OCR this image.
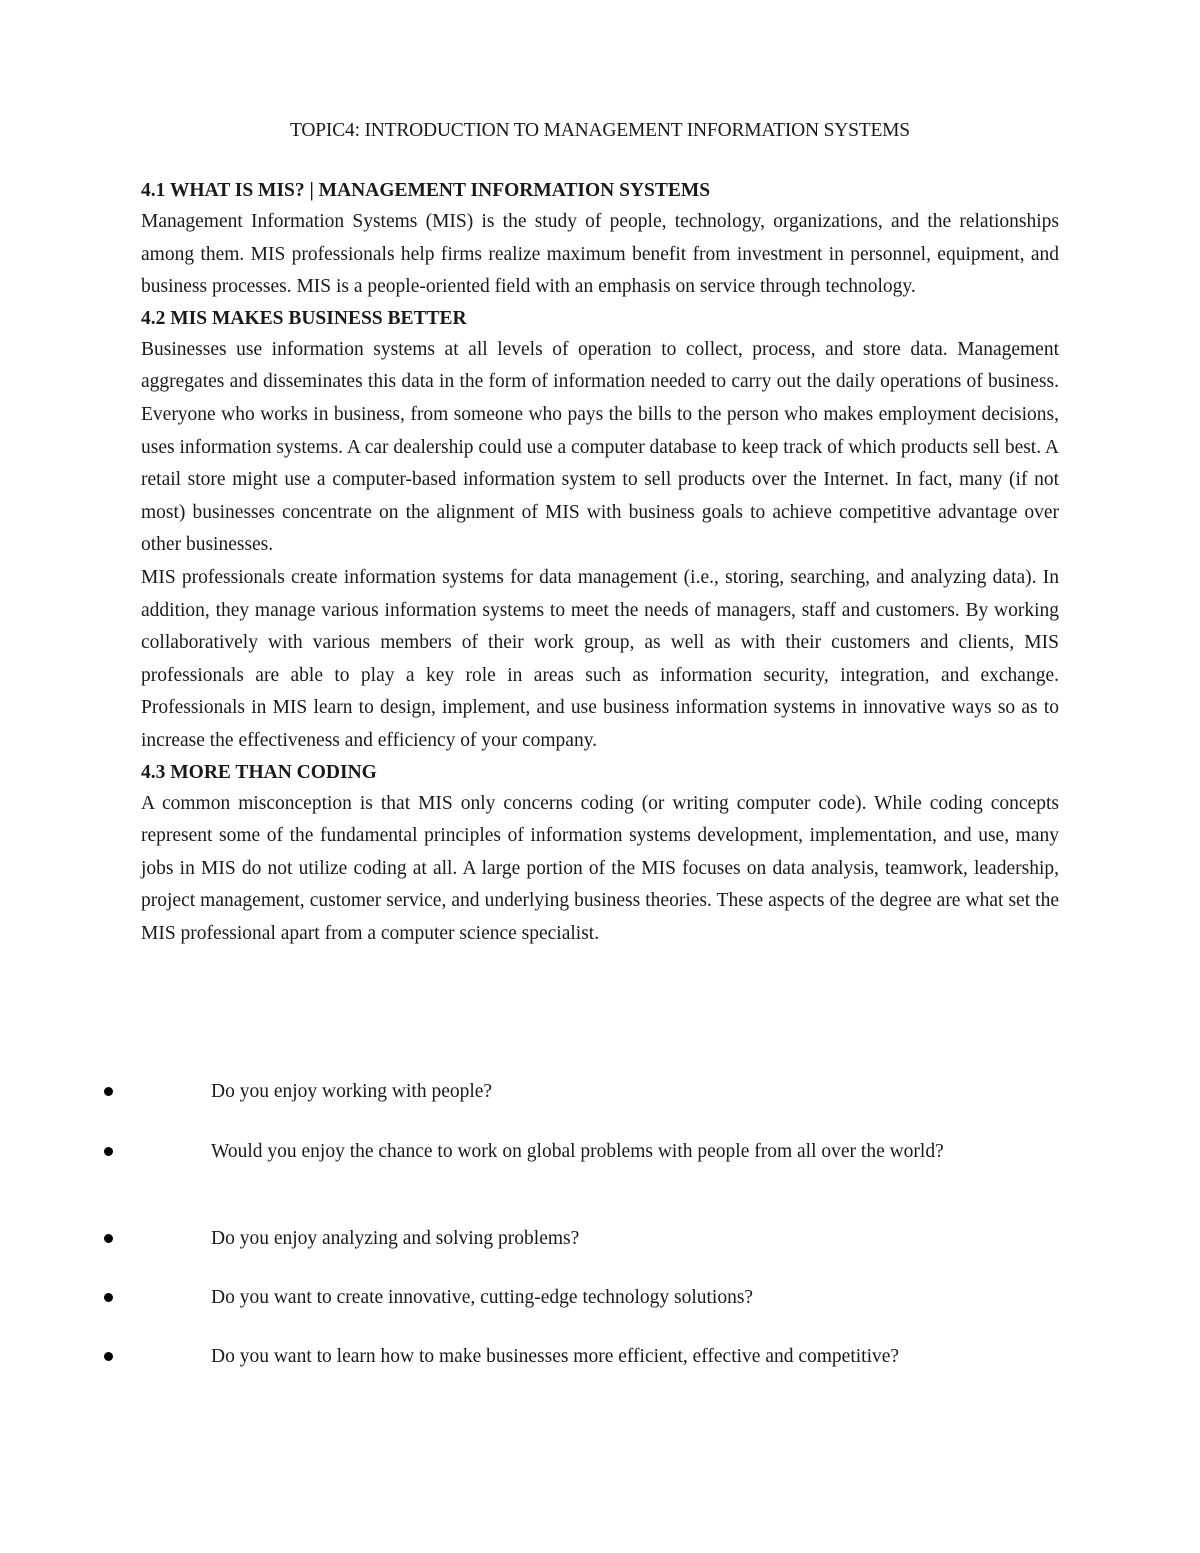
TOPIC4: INTRODUCTION TO MANAGEMENT INFORMATION SYSTEMS
4.1 WHAT IS MIS? | MANAGEMENT INFORMATION SYSTEMS

Management Information Systems (MIS) is the study of people, technology, organizations, and the relationships among them. MIS professionals help firms realize maximum benefit from investment in personnel, equipment, and business processes. MIS is a people-oriented field with an emphasis on service through technology.

4.2 MIS MAKES BUSINESS BETTER

Businesses use information systems at all levels of operation to collect, process, and store data. Management aggregates and disseminates this data in the form of information needed to carry out the daily operations of business. Everyone who works in business, from someone who pays the bills to the person who makes employment decisions, uses information systems. A car dealership could use a computer database to keep track of which products sell best. A retail store might use a computer-based information system to sell products over the Internet. In fact, many (if not most) businesses concentrate on the alignment of MIS with business goals to achieve competitive advantage over other businesses.

MIS professionals create information systems for data management (i.e., storing, searching, and analyzing data). In addition, they manage various information systems to meet the needs of managers, staff and customers. By working collaboratively with various members of their work group, as well as with their customers and clients, MIS professionals are able to play a key role in areas such as information security, integration, and exchange. Professionals in MIS learn to design, implement, and use business information systems in innovative ways so as to increase the effectiveness and efficiency of your company.

4.3 MORE THAN CODING

A common misconception is that MIS only concerns coding (or writing computer code). While coding concepts represent some of the fundamental principles of information systems development, implementation, and use, many jobs in MIS do not utilize coding at all. A large portion of the MIS focuses on data analysis, teamwork, leadership, project management, customer service, and underlying business theories. These aspects of the degree are what set the MIS professional apart from a computer science specialist.

Do you enjoy working with people?
Would you enjoy the chance to work on global problems with people from all over the world?
Do you enjoy analyzing and solving problems?
Do you want to create innovative, cutting-edge technology solutions?
Do you want to learn how to make businesses more efficient, effective and competitive?
